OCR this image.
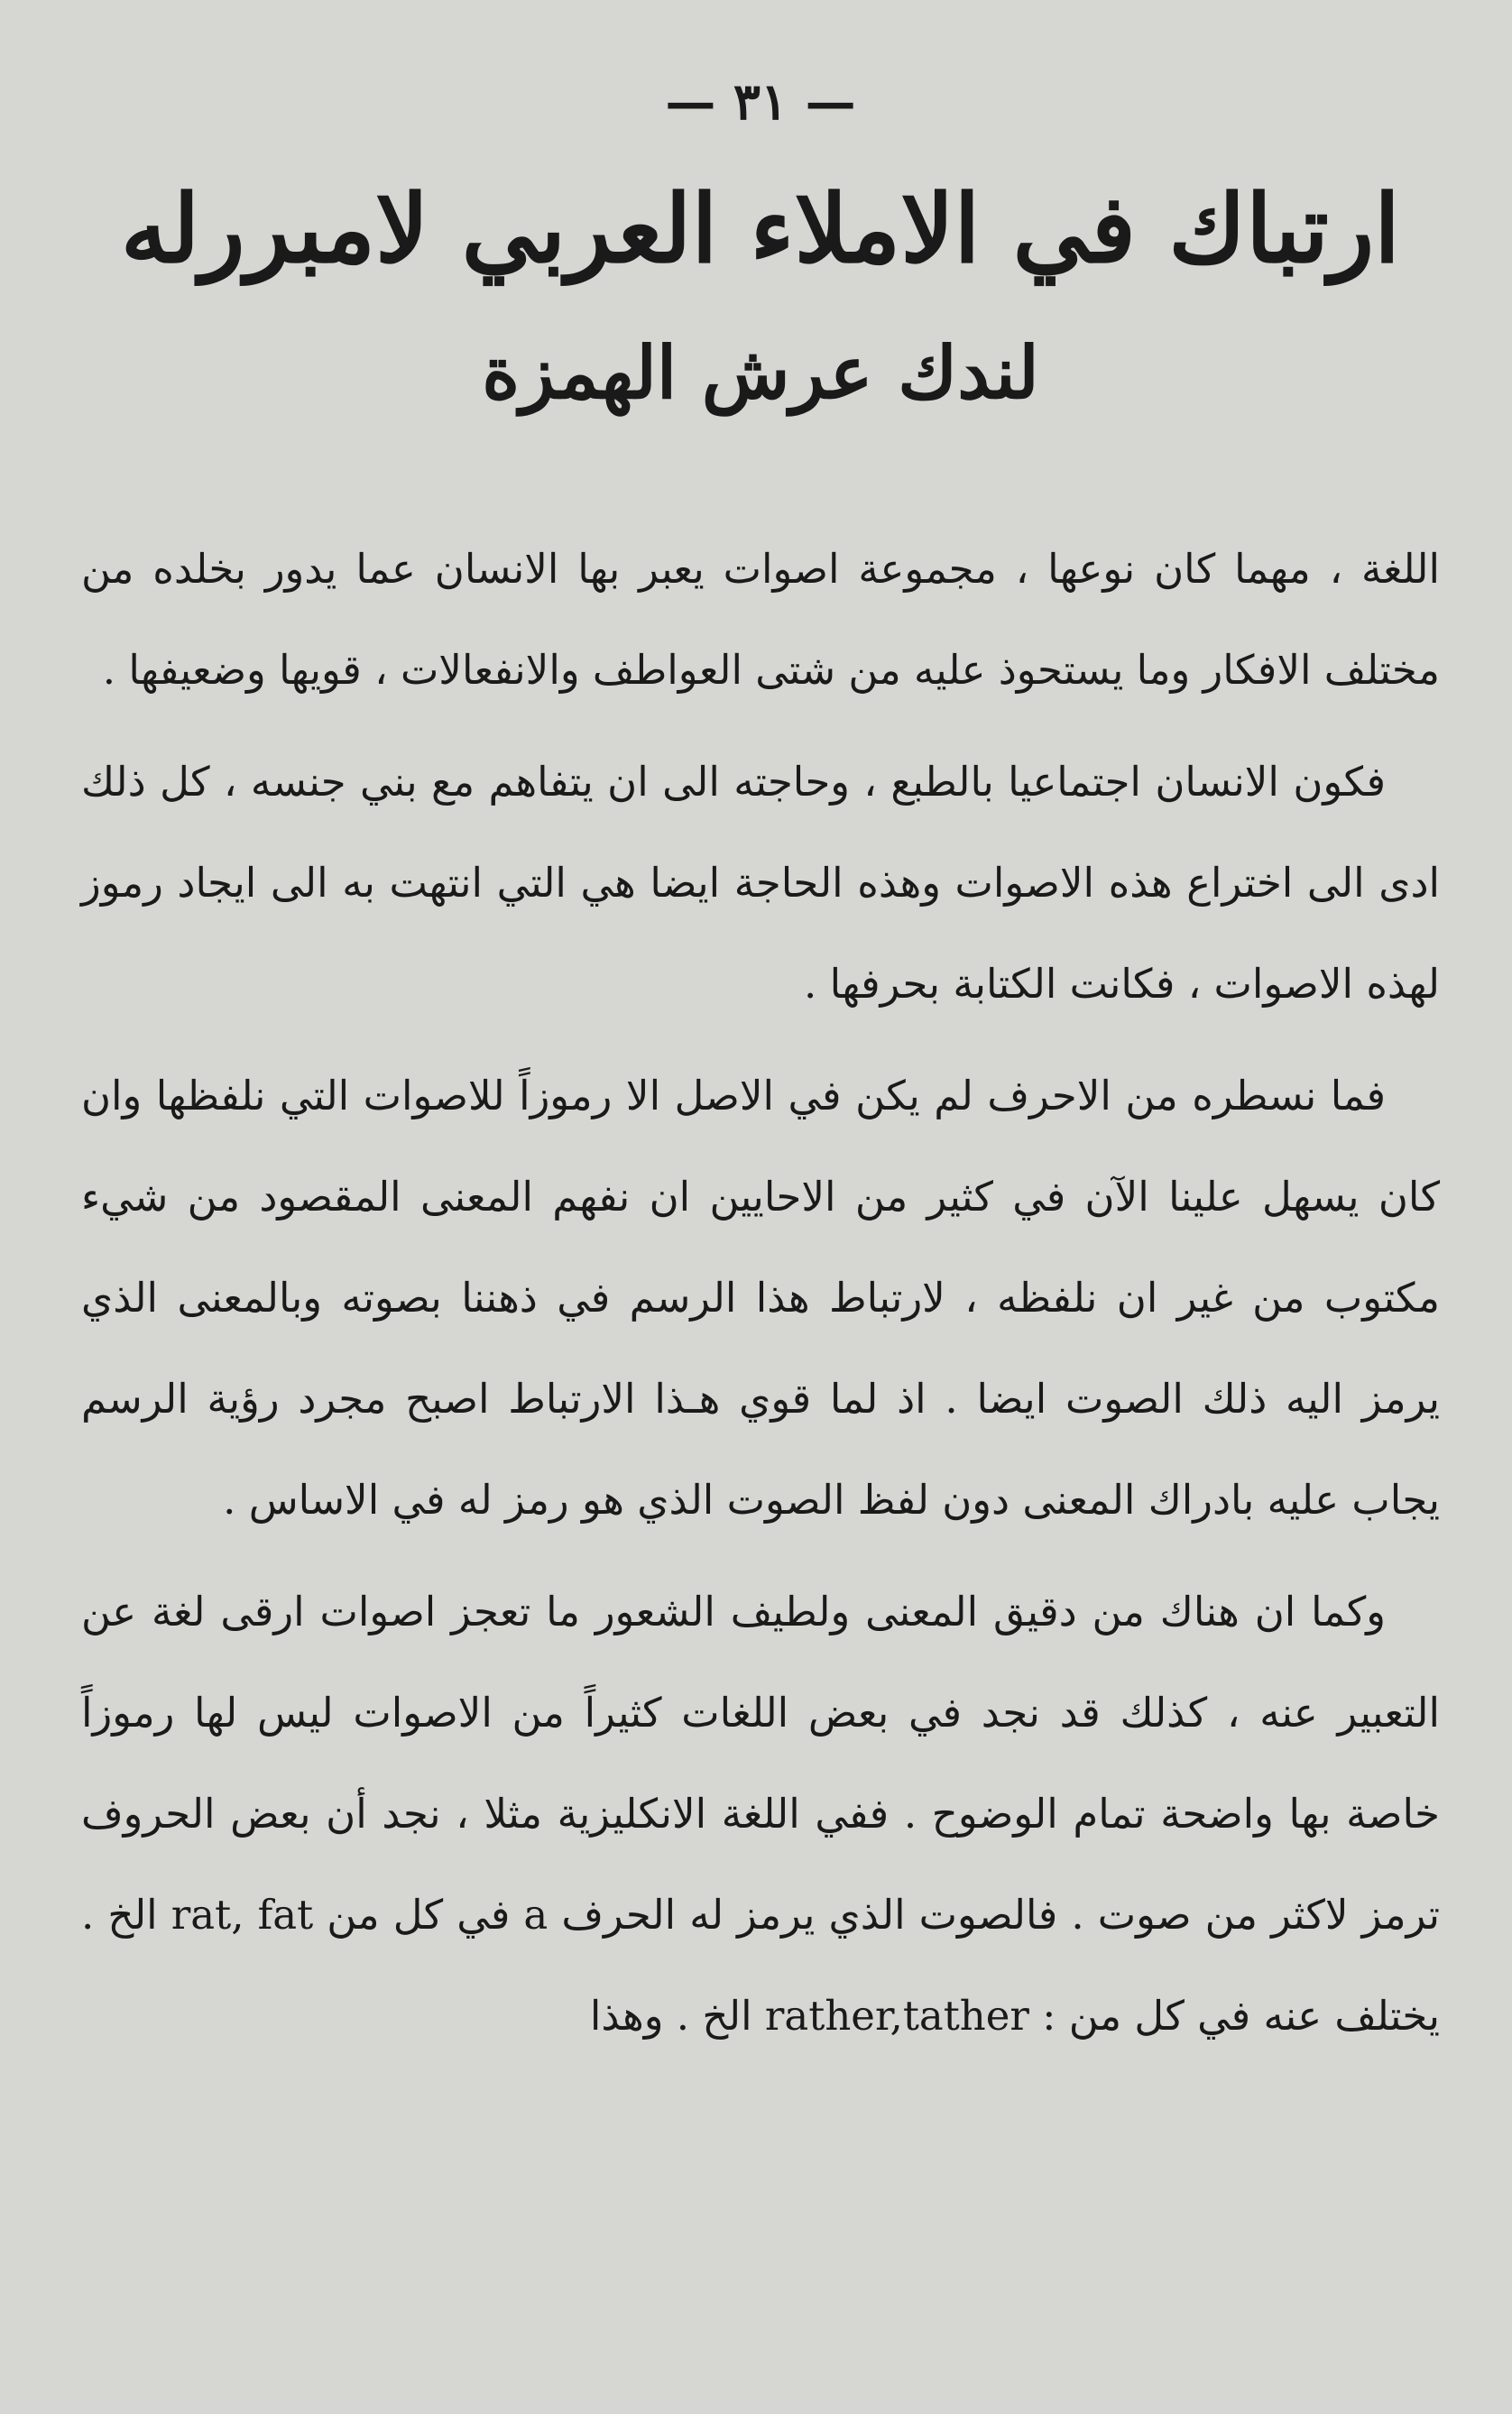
— ٣١ —
ارتباك في الاملاء العربي لامبررله
لندك عرش الهمزة

اللغة ، مهما كان نوعها ، مجموعة اصوات يعبر بها الانسان عما يدور بخلده من مختلف الافكار وما يستحوذ عليه من شتى العواطف والانفعالات ، قويها وضعيفها .

فكون الانسان اجتماعيا بالطبع ، وحاجته الى ان يتفاهم مع بني جنسه ، كل ذلك ادى الى اختراع هذه الاصوات وهذه الحاجة ايضا هي التي انتهت به الى ايجاد رموز لهذه الاصوات ، فكانت الكتابة بحرفها .

فما نسطره من الاحرف لم يكن في الاصل الا رموزاً للاصوات التي نلفظها وان كان يسهل علينا الآن في كثير من الاحايين ان نفهم المعنى المقصود من شيء مكتوب من غير ان نلفظه ، لارتباط هذا الرسم في ذهننا بصوته وبالمعنى الذي يرمز اليه ذلك الصوت ايضا . اذ لما قوي هـذا الارتباط اصبح مجرد رؤية الرسم يجاب عليه بادراك المعنى دون لفظ الصوت الذي هو رمز له في الاساس .

وكما ان هناك من دقيق المعنى ولطيف الشعور ما تعجز اصوات ارقى لغة عن التعبير عنه ، كذلك قد نجد في بعض اللغات كثيراً من الاصوات ليس لها رموزاً خاصة بها واضحة تمام الوضوح . ففي اللغة الانكليزية مثلا ، نجد أن بعض الحروف ترمز لاكثر من صوت . فالصوت الذي يرمز له الحرف a في كل من rat, fat الخ . يختلف عنه في كل من : rather,tather الخ . وهذا
